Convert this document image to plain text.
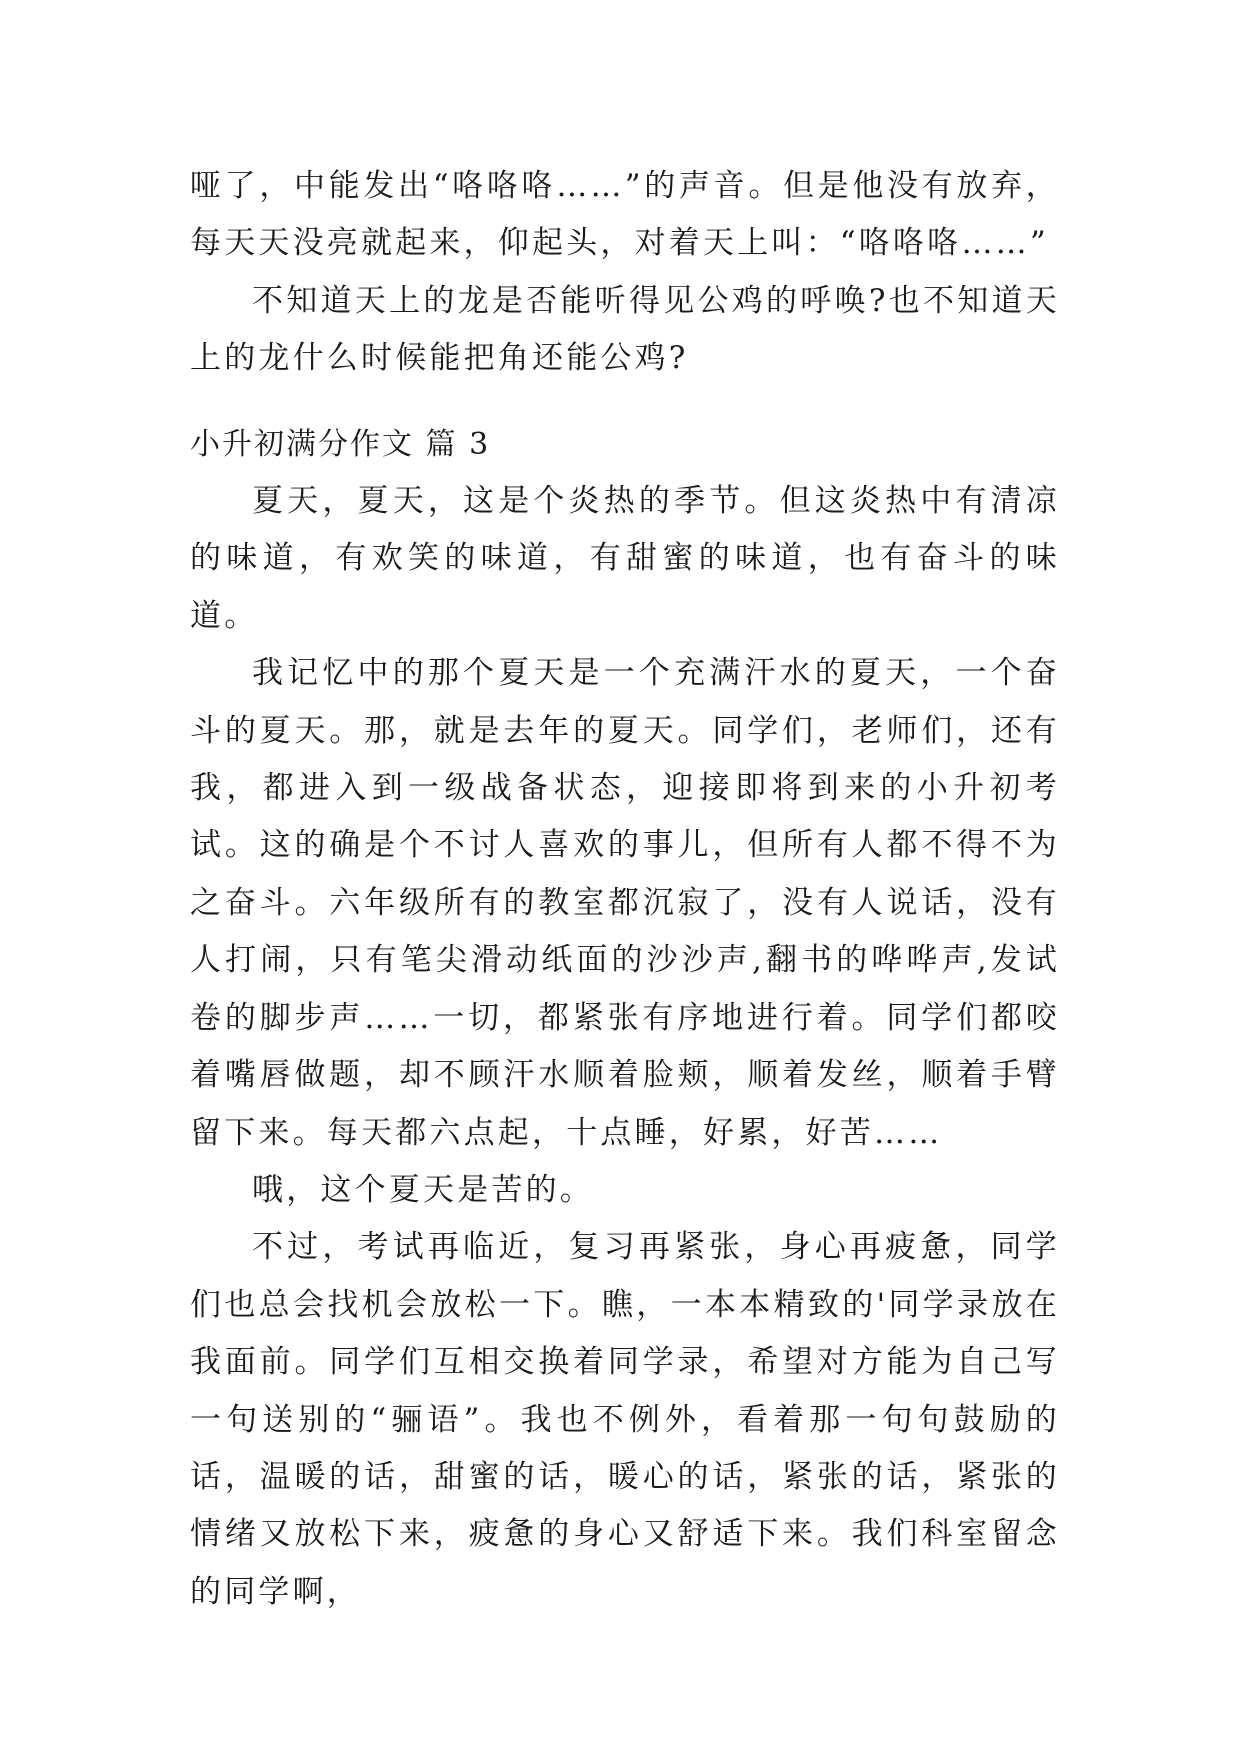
哑了，中能发出“咯咯咯……”的声音。但是他没有放弃，每天天没亮就起来，仰起头，对着天上叫：“咯咯咯……”

不知道天上的龙是否能听得见公鸡的呼唤?也不知道天上的龙什么时候能把角还能公鸡?

小升初满分作文 篇 3

夏天，夏天，这是个炎热的季节。但这炎热中有清凉的味道，有欢笑的味道，有甜蜜的味道，也有奋斗的味道。

我记忆中的那个夏天是一个充满汗水的夏天，一个奋斗的夏天。那，就是去年的夏天。同学们，老师们，还有我，都进入到一级战备状态，迎接即将到来的小升初考试。这的确是个不讨人喜欢的事儿，但所有人都不得不为之奋斗。六年级所有的教室都沉寂了，没有人说话，没有人打闹，只有笔尖滑动纸面的沙沙声,翻书的哗哗声,发试卷的脚步声……一切，都紧张有序地进行着。同学们都咬着嘴唇做题，却不顾汗水顺着脸颊，顺着发丝，顺着手臂留下来。每天都六点起，十点睡，好累，好苦……

哦，这个夏天是苦的。

不过，考试再临近，复习再紧张，身心再疲惫，同学们也总会找机会放松一下。瞧，一本本精致的'同学录放在我面前。同学们互相交换着同学录，希望对方能为自己写一句送别的“骊语”。我也不例外，看着那一句句鼓励的话，温暖的话，甜蜜的话，暖心的话，紧张的话，紧张的情绪又放松下来，疲惫的身心又舒适下来。我们科室留念的同学啊，
